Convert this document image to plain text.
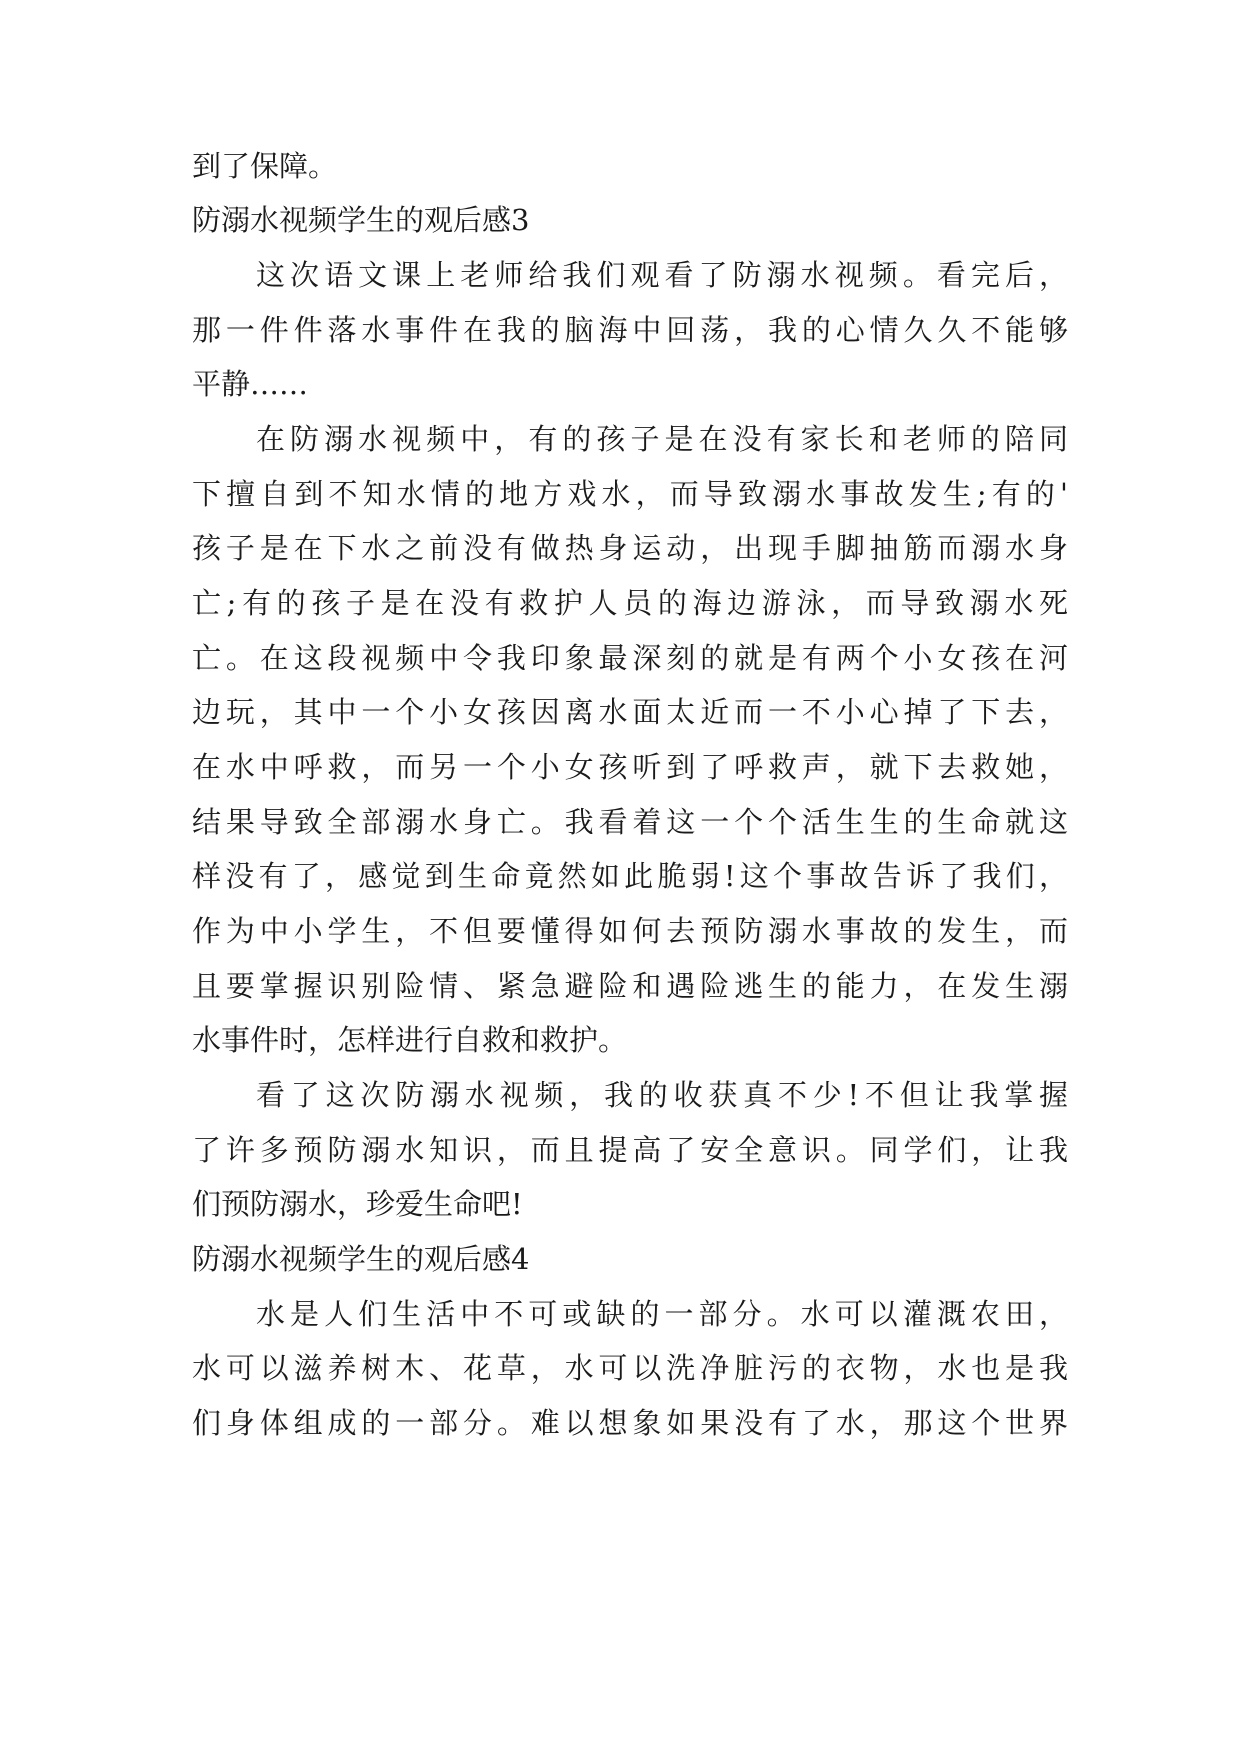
到了保障。
防溺水视频学生的观后感3
这次语文课上老师给我们观看了防溺水视频。看完后，
那一件件落水事件在我的脑海中回荡，我的心情久久不能够
平静……
在防溺水视频中，有的孩子是在没有家长和老师的陪同
下擅自到不知水情的地方戏水，而导致溺水事故发生;有的'
孩子是在下水之前没有做热身运动，出现手脚抽筋而溺水身
亡;有的孩子是在没有救护人员的海边游泳，而导致溺水死
亡。在这段视频中令我印象最深刻的就是有两个小女孩在河
边玩，其中一个小女孩因离水面太近而一不小心掉了下去，
在水中呼救，而另一个小女孩听到了呼救声，就下去救她，
结果导致全部溺水身亡。我看着这一个个活生生的生命就这
样没有了，感觉到生命竟然如此脆弱!这个事故告诉了我们，
作为中小学生，不但要懂得如何去预防溺水事故的发生，而
且要掌握识别险情、紧急避险和遇险逃生的能力，在发生溺
水事件时，怎样进行自救和救护。
看了这次防溺水视频，我的收获真不少!不但让我掌握
了许多预防溺水知识，而且提高了安全意识。同学们，让我
们预防溺水，珍爱生命吧!
防溺水视频学生的观后感4
水是人们生活中不可或缺的一部分。水可以灌溉农田，
水可以滋养树木、花草，水可以洗净脏污的衣物，水也是我
们身体组成的一部分。难以想象如果没有了水，那这个世界
